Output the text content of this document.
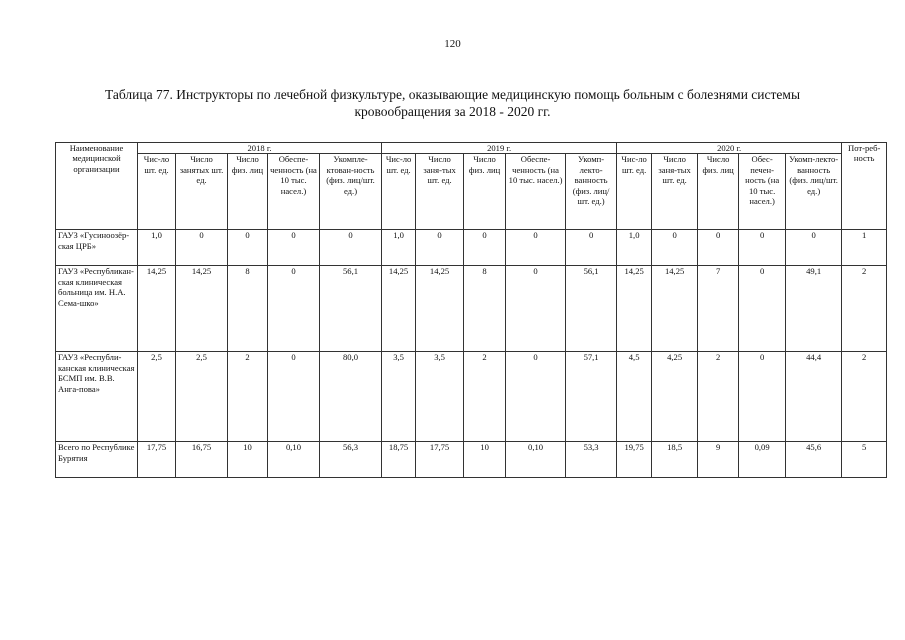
120
Таблица 77. Инструкторы по лечебной физкультуре, оказывающие медицинскую помощь больным с болезнями системы
кровообращения за 2018 - 2020 гг.
Наименование медицинской организации	2018 г.					2019 г.					2020 г.					Пот-реб-ность
	Чис-ло шт. ед.	Число занятых шт. ед.	Число физ. лиц	Обеспе-ченность (на 10 тыс. насел.)	Укомпле-ктован-ность (физ. лиц/шт. ед.)	Чис-ло шт. ед.	Число заня-тых шт. ед.	Число физ. лиц	Обеспе-ченность (на 10 тыс. насел.)	Укомп-лекто-ванность (физ. лиц/шт. ед.)	Чис-ло шт. ед.	Число заня-тых шт. ед.	Число физ. лиц	Обес-печен-ность (на 10 тыс. насел.)	Укомп-лекто-ванность (физ. лиц/шт. ед.)	
ГАУЗ «Гусиноозёр-ская ЦРБ»	1,0	0	0	0	0	1,0	0	0	0	0	1,0	0	0	0	0	1
ГАУЗ «Республикан-ская клиническая больница им. Н.А. Сема-шко»	14,25	14,25	8	0	56,1	14,25	14,25	8	0	56,1	14,25	14,25	7	0	49,1	2
ГАУЗ «Республи-канская клиническая БСМП им. В.В. Анга-пова»	2,5	2,5	2	0	80,0	3,5	3,5	2	0	57,1	4,5	4,25	2	0	44,4	2
Всего по Республике Бурятия	17,75	16,75	10	0,10	56,3	18,75	17,75	10	0,10	53,3	19,75	18,5	9	0,09	45,6	5
